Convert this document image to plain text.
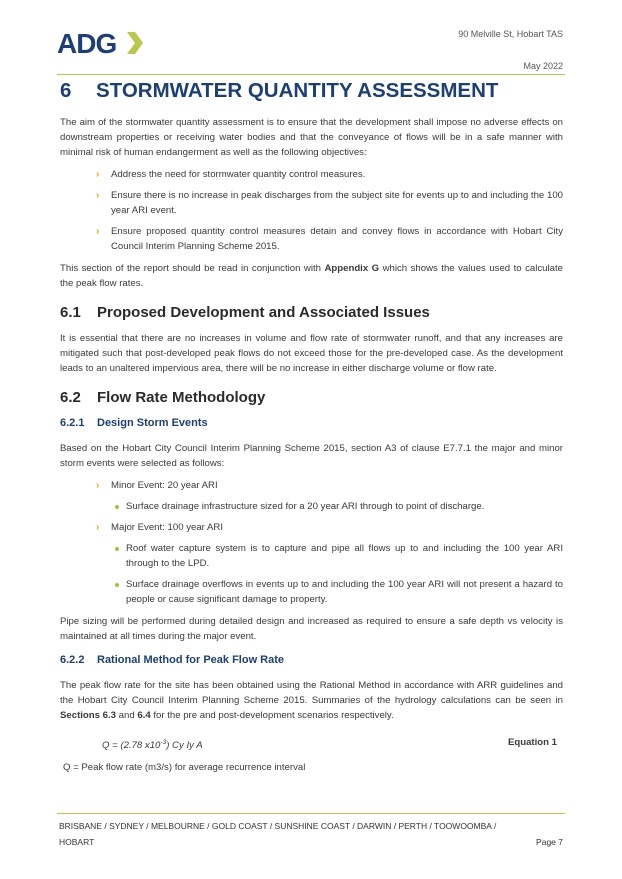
ADG	90 Melville St, Hobart TAS
May 2022
6 STORMWATER QUANTITY ASSESSMENT

The aim of the stormwater quantity assessment is to ensure that the development shall impose no adverse effects on downstream properties or receiving water bodies and that the conveyance of flows will be in a safe manner with minimal risk of human endangerment as well as the following objectives:

› Address the need for stormwater quantity control measures.
› Ensure there is no increase in peak discharges from the subject site for events up to and including the 100 year ARI event.
› Ensure proposed quantity control measures detain and convey flows in accordance with Hobart City Council Interim Planning Scheme 2015.

This section of the report should be read in conjunction with Appendix G which shows the values used to calculate the peak flow rates.

6.1 Proposed Development and Associated Issues

It is essential that there are no increases in volume and flow rate of stormwater runoff, and that any increases are mitigated such that post-developed peak flows do not exceed those for the pre-developed case. As the development leads to an unaltered impervious area, there will be no increase in either discharge volume or flow rate.

6.2 Flow Rate Methodology
6.2.1 Design Storm Events

Based on the Hobart City Council Interim Planning Scheme 2015, section A3 of clause E7.7.1 the major and minor storm events were selected as follows:

› Minor Event: 20 year ARI
Surface drainage infrastructure sized for a 20 year ARI through to point of discharge.
› Major Event: 100 year ARI
Roof water capture system is to capture and pipe all flows up to and including the 100 year ARI through to the LPD.
Surface drainage overflows in events up to and including the 100 year ARI will not present a hazard to people or cause significant damage to property.

Pipe sizing will be performed during detailed design and increased as required to ensure a safe depth vs velocity is maintained at all times during the major event.

6.2.2 Rational Method for Peak Flow Rate

The peak flow rate for the site has been obtained using the Rational Method in accordance with ARR guidelines and the Hobart City Council Interim Planning Scheme 2015. Summaries of the hydrology calculations can be seen in Sections 6.3 and 6.4 for the pre and post-development scenarios respectively.

Q = (2.78 $x10^{-3}$) Cy Iy A	Equation 1
Q = Peak flow rate (m3/s) for average recurrence interval
BRISBANE / SYDNEY / MELBOURNE / GOLD COAST / SUNSHINE COAST / DARWIN / PERTH / TOOWOOMBA /
HOBART	Page 7
